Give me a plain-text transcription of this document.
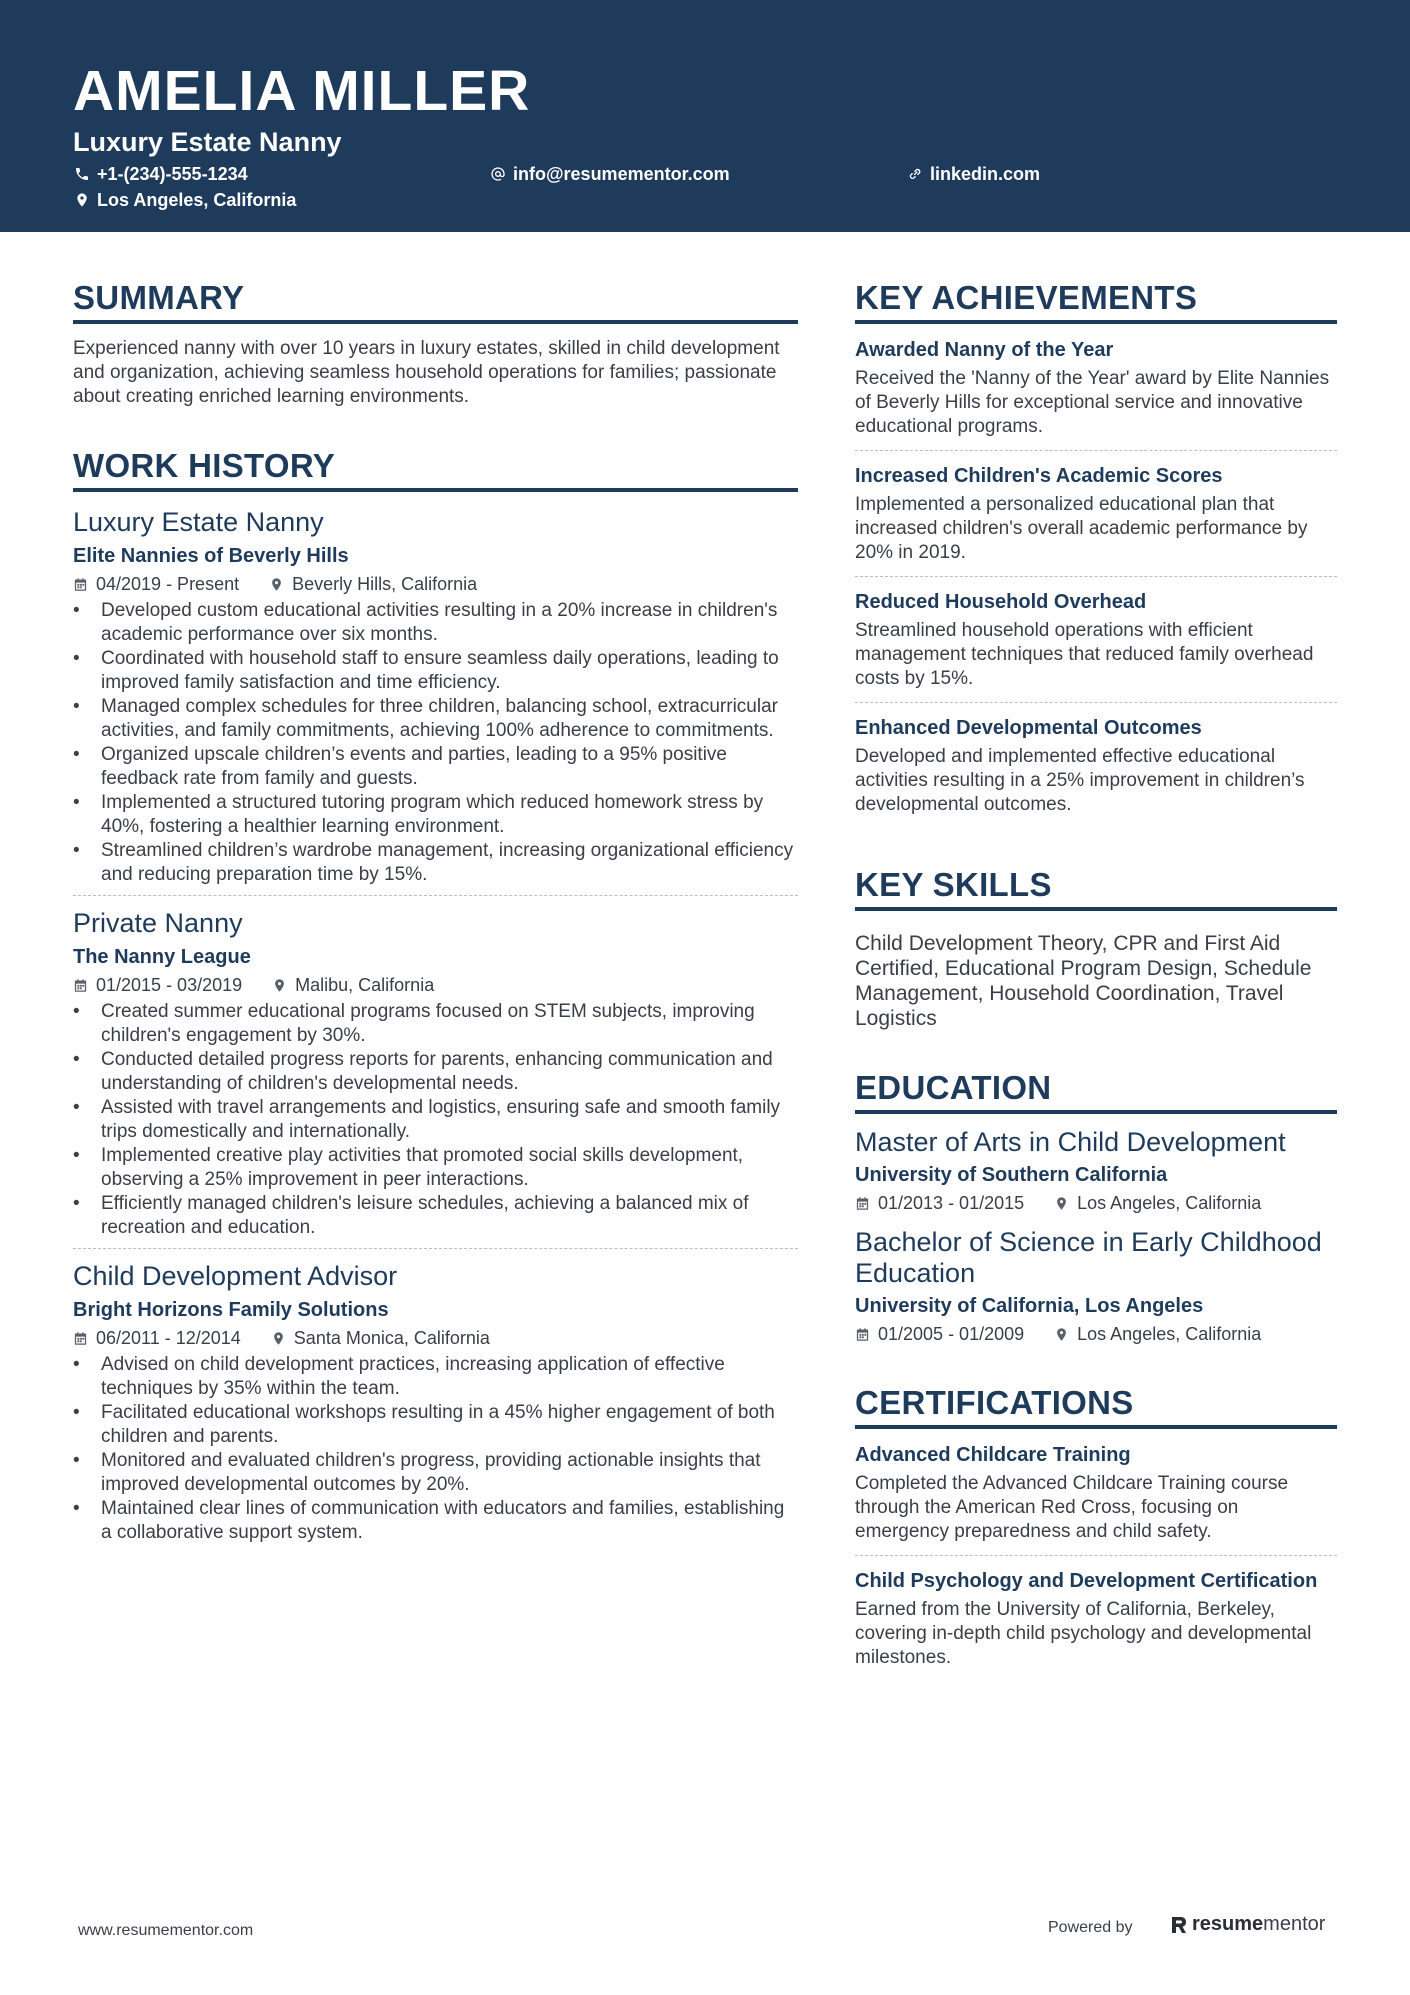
AMELIA MILLER
Luxury Estate Nanny
+1-(234)-555-1234	info@resumementor.com	linkedin.com
Los Angeles, California
SUMMARY
Experienced nanny with over 10 years in luxury estates, skilled in child development and organization, achieving seamless household operations for families; passionate about creating enriched learning environments.
WORK HISTORY
Luxury Estate Nanny
Elite Nannies of Beverly Hills
04/2019 - Present	Beverly Hills, California
• Developed custom educational activities resulting in a 20% increase in children's academic performance over six months.
• Coordinated with household staff to ensure seamless daily operations, leading to improved family satisfaction and time efficiency.
• Managed complex schedules for three children, balancing school, extracurricular activities, and family commitments, achieving 100% adherence to commitments.
• Organized upscale children’s events and parties, leading to a 95% positive feedback rate from family and guests.
• Implemented a structured tutoring program which reduced homework stress by 40%, fostering a healthier learning environment.
• Streamlined children’s wardrobe management, increasing organizational efficiency and reducing preparation time by 15%.
Private Nanny
The Nanny League
01/2015 - 03/2019	Malibu, California
• Created summer educational programs focused on STEM subjects, improving children's engagement by 30%.
• Conducted detailed progress reports for parents, enhancing communication and understanding of children's developmental needs.
• Assisted with travel arrangements and logistics, ensuring safe and smooth family trips domestically and internationally.
• Implemented creative play activities that promoted social skills development, observing a 25% improvement in peer interactions.
• Efficiently managed children's leisure schedules, achieving a balanced mix of recreation and education.
Child Development Advisor
Bright Horizons Family Solutions
06/2011 - 12/2014	Santa Monica, California
• Advised on child development practices, increasing application of effective techniques by 35% within the team.
• Facilitated educational workshops resulting in a 45% higher engagement of both children and parents.
• Monitored and evaluated children's progress, providing actionable insights that improved developmental outcomes by 20%.
• Maintained clear lines of communication with educators and families, establishing a collaborative support system.
KEY ACHIEVEMENTS
Awarded Nanny of the Year
Received the 'Nanny of the Year' award by Elite Nannies of Beverly Hills for exceptional service and innovative educational programs.
Increased Children's Academic Scores
Implemented a personalized educational plan that increased children's overall academic performance by 20% in 2019.
Reduced Household Overhead
Streamlined household operations with efficient management techniques that reduced family overhead costs by 15%.
Enhanced Developmental Outcomes
Developed and implemented effective educational activities resulting in a 25% improvement in children’s developmental outcomes.
KEY SKILLS
Child Development Theory, CPR and First Aid Certified, Educational Program Design, Schedule Management, Household Coordination, Travel Logistics
EDUCATION
Master of Arts in Child Development
University of Southern California
01/2013 - 01/2015	Los Angeles, California
Bachelor of Science in Early Childhood Education
University of California, Los Angeles
01/2005 - 01/2009	Los Angeles, California
CERTIFICATIONS
Advanced Childcare Training
Completed the Advanced Childcare Training course through the American Red Cross, focusing on emergency preparedness and child safety.
Child Psychology and Development Certification
Earned from the University of California, Berkeley, covering in-depth child psychology and developmental milestones.
www.resumementor.com	Powered by	resume mentor
